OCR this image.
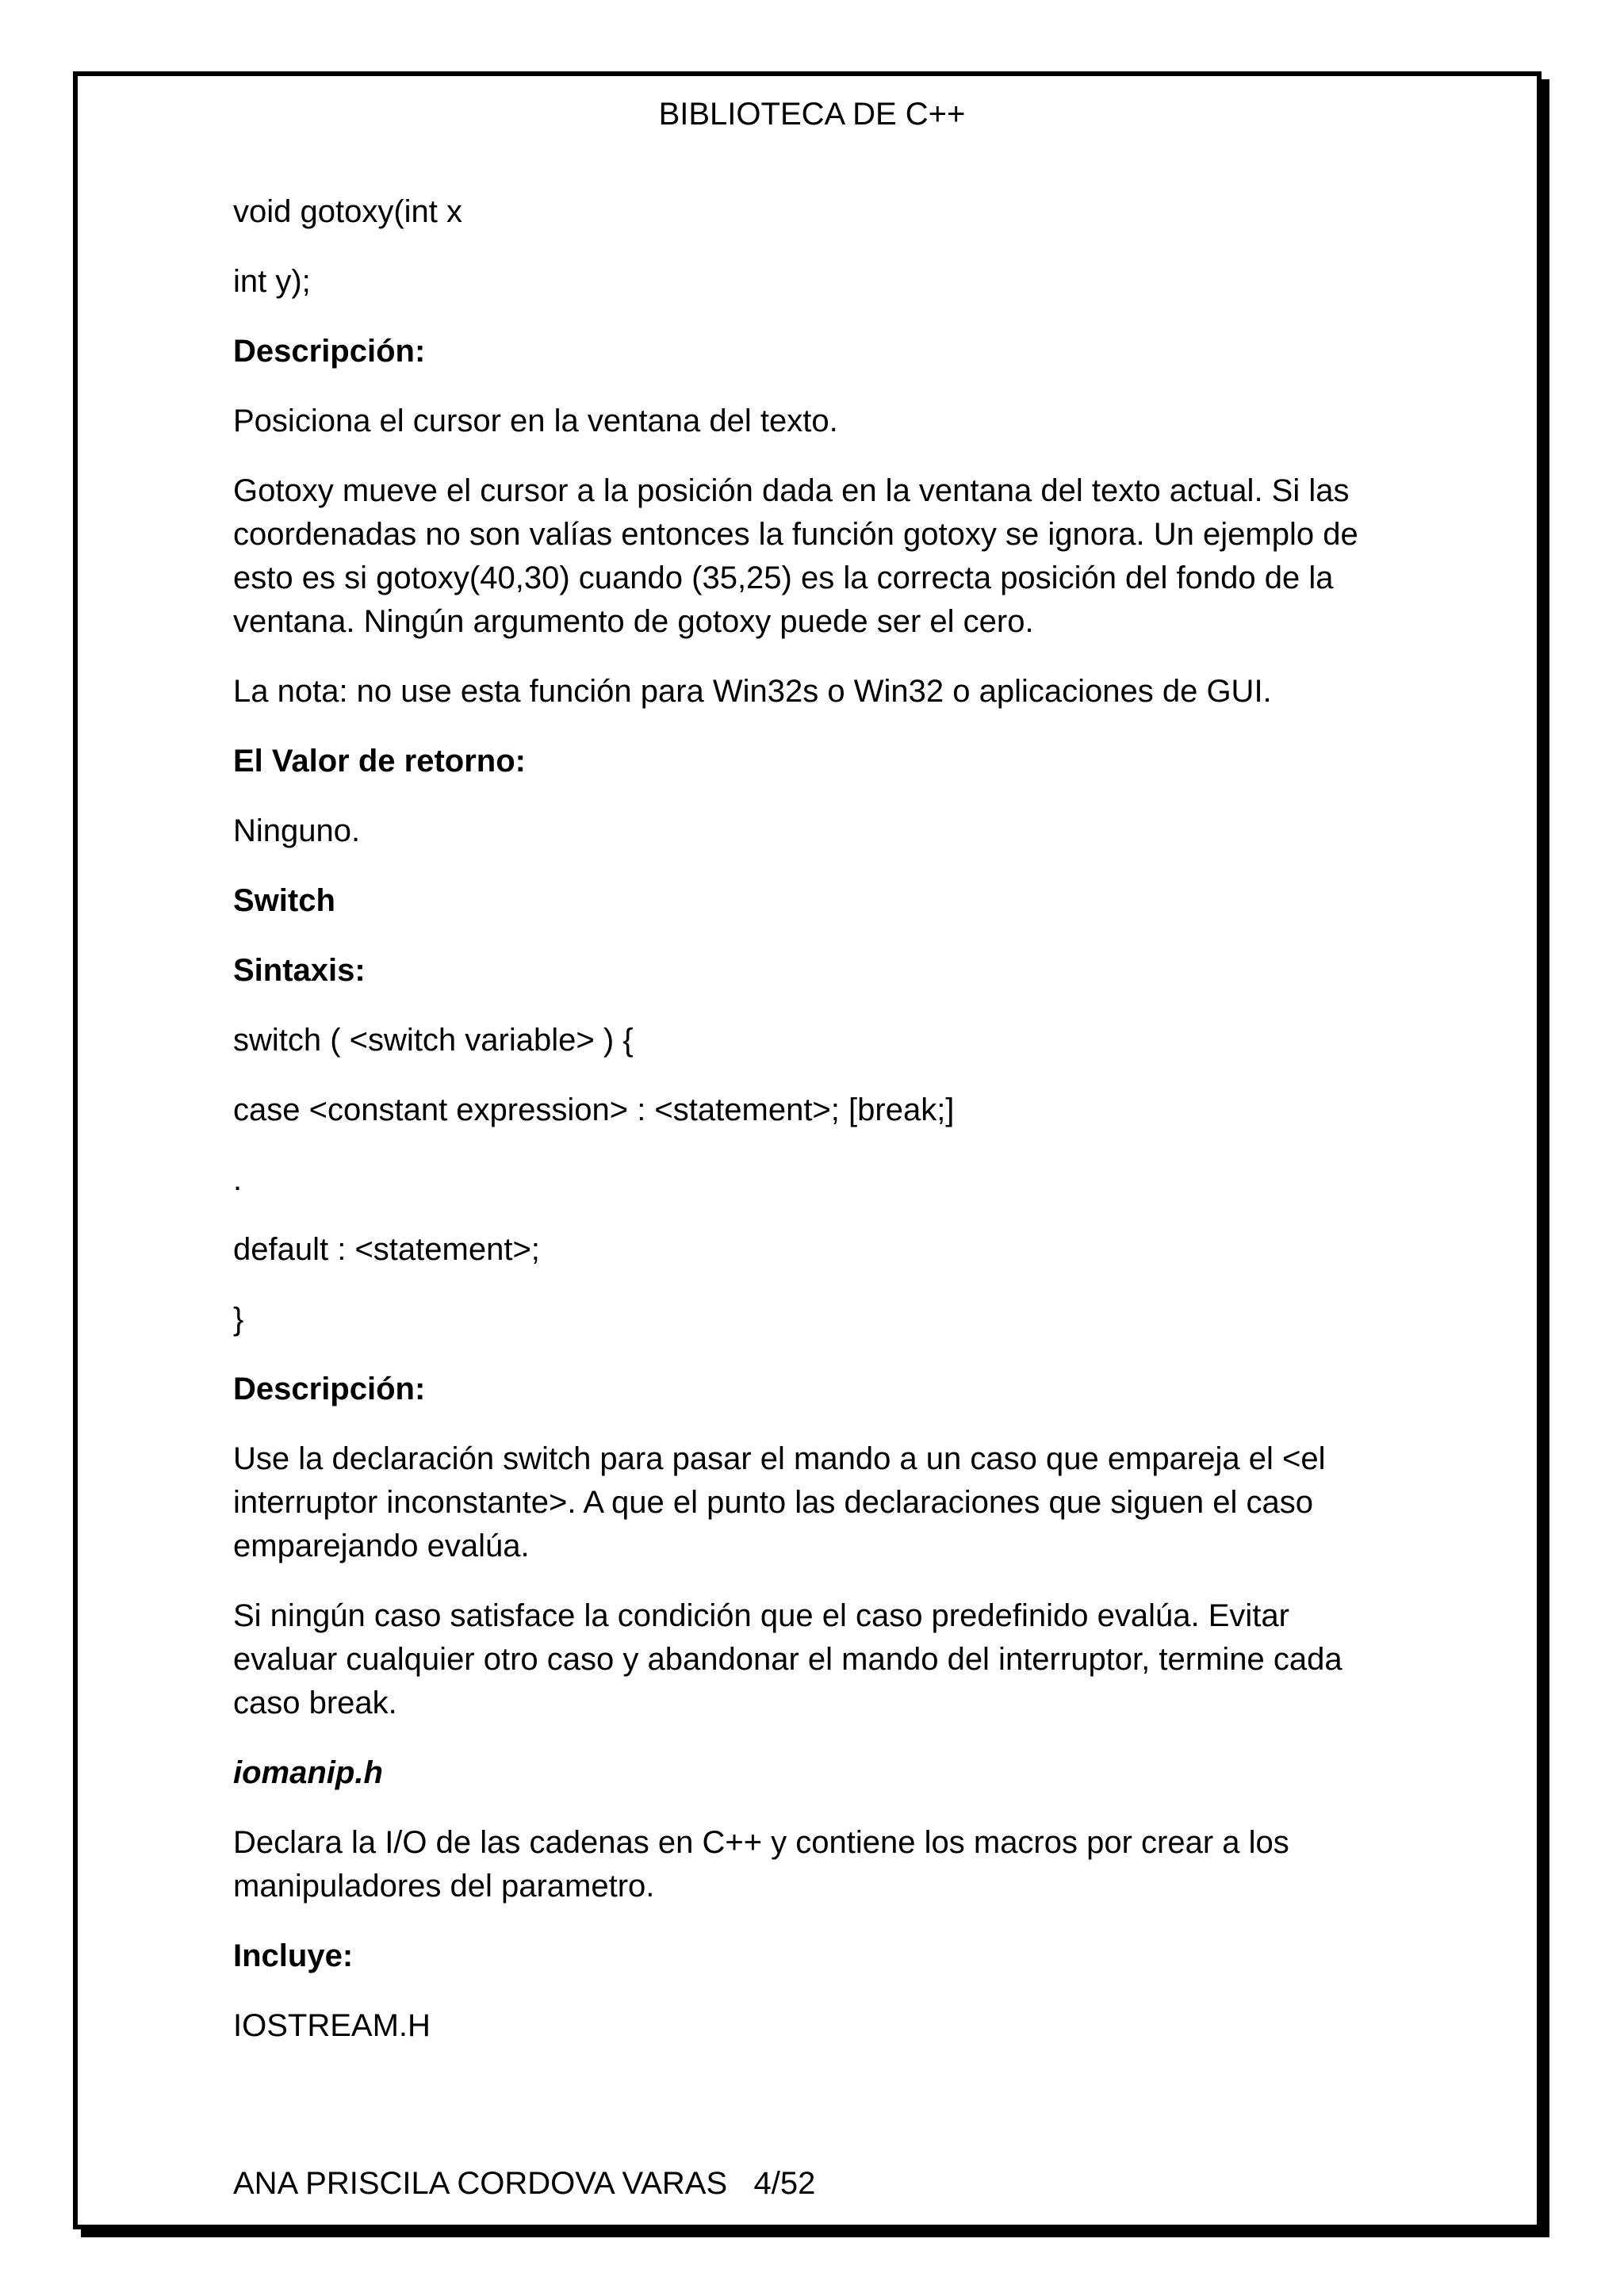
BIBLIOTECA DE C++

void gotoxy(int x

int y);

Descripción:

Posiciona el cursor en la ventana del texto.

Gotoxy mueve el cursor a la posición dada en la ventana del texto actual. Si las coordenadas no son valías entonces la función gotoxy se ignora. Un ejemplo de esto es si gotoxy(40,30) cuando (35,25) es la correcta posición del fondo de la ventana. Ningún argumento de gotoxy puede ser el cero.

La nota: no use esta función para Win32s o Win32 o aplicaciones de GUI.

El Valor de retorno:

Ninguno.

Switch

Sintaxis:

switch ( <switch variable> ) {

case <constant expression> : <statement>; [break;]

.

default : <statement>;

}

Descripción:

Use la declaración switch para pasar el mando a un caso que empareja el <el interruptor inconstante>. A que el punto las declaraciones que siguen el caso emparejando evalúa.

Si ningún caso satisface la condición que el caso predefinido evalúa. Evitar evaluar cualquier otro caso y abandonar el mando del interruptor, termine cada caso break.

iomanip.h

Declara la I/O de las cadenas en C++ y contiene los macros por crear a los manipuladores del parametro.

Incluye:

IOSTREAM.H

ANA PRISCILA CORDOVA VARAS 4/52
